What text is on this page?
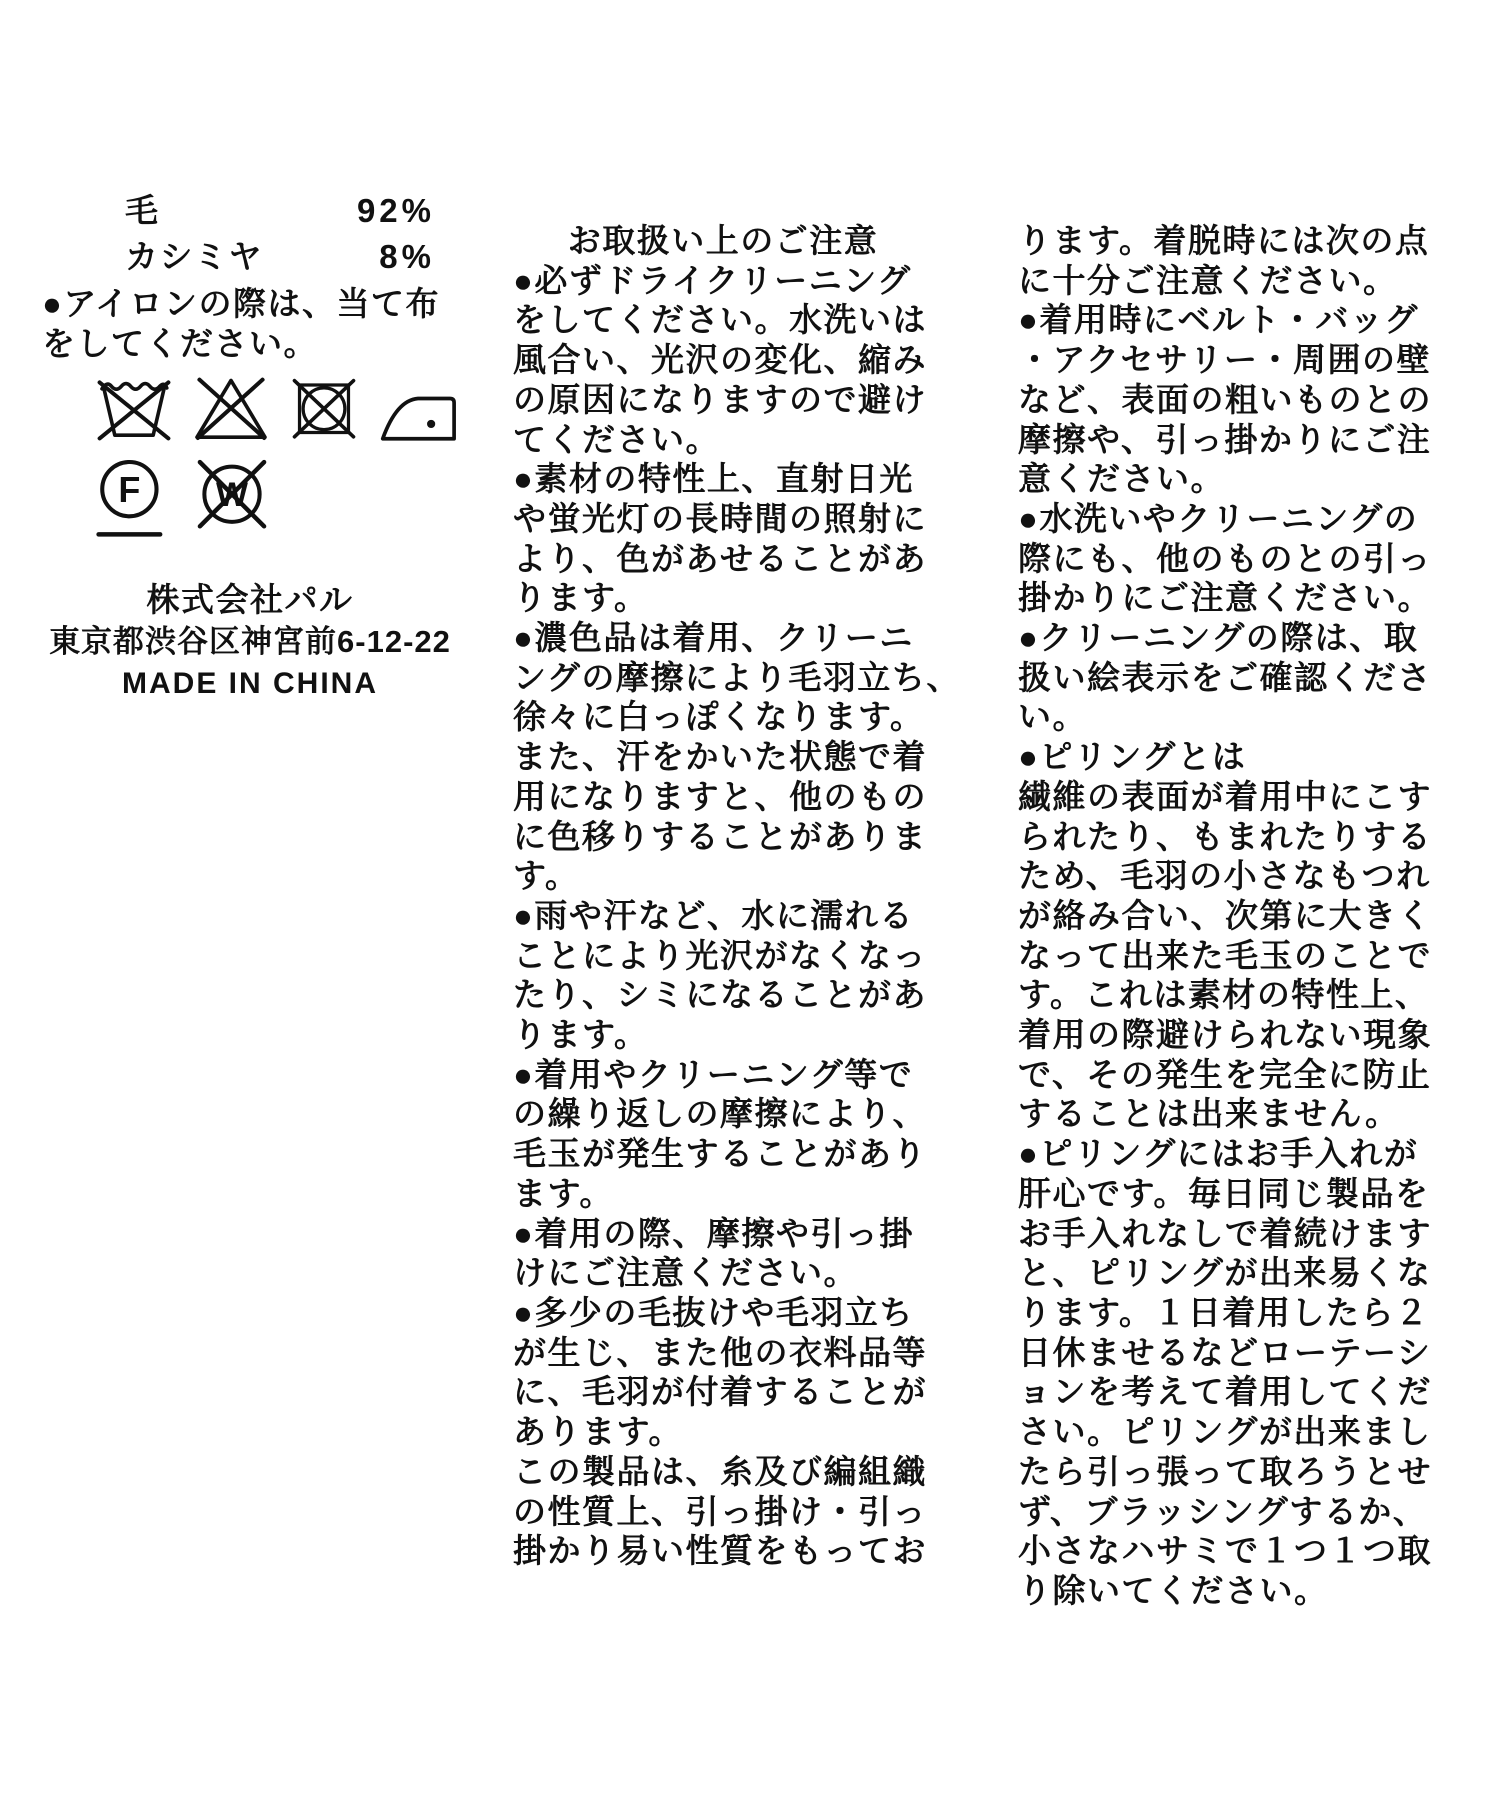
毛	92%
カシミヤ	8%
●アイロンの際は、当て布
をしてください。
F W
株式会社パル
東京都渋谷区神宮前6-12-22
MADE IN CHINA
お取扱い上のご注意
●必ずドライクリーニング
をしてください。水洗いは
風合い、光沢の変化、縮み
の原因になりますので避け
てください。
●素材の特性上、直射日光
や蛍光灯の長時間の照射に
より、色があせることがあ
ります。
●濃色品は着用、クリーニ
ングの摩擦により毛羽立ち、
徐々に白っぽくなります。
また、汗をかいた状態で着
用になりますと、他のもの
に色移りすることがありま
す。
●雨や汗など、水に濡れる
ことにより光沢がなくなっ
たり、シミになることがあ
ります。
●着用やクリーニング等で
の繰り返しの摩擦により、
毛玉が発生することがあり
ます。
●着用の際、摩擦や引っ掛
けにご注意ください。
●多少の毛抜けや毛羽立ち
が生じ、また他の衣料品等
に、毛羽が付着することが
あります。
この製品は、糸及び編組織
の性質上、引っ掛け・引っ
掛かり易い性質をもってお
ります。着脱時には次の点
に十分ご注意ください。
●着用時にベルト・バッグ
・アクセサリー・周囲の壁
など、表面の粗いものとの
摩擦や、引っ掛かりにご注
意ください。
●水洗いやクリーニングの
際にも、他のものとの引っ
掛かりにご注意ください。
●クリーニングの際は、取
扱い絵表示をご確認くださ
い。
●ピリングとは
繊維の表面が着用中にこす
られたり、もまれたりする
ため、毛羽の小さなもつれ
が絡み合い、次第に大きく
なって出来た毛玉のことで
す。これは素材の特性上、
着用の際避けられない現象
で、その発生を完全に防止
することは出来ません。
●ピリングにはお手入れが
肝心です。毎日同じ製品を
お手入れなしで着続けます
と、ピリングが出来易くな
ります。１日着用したら２
日休ませるなどローテーシ
ョンを考えて着用してくだ
さい。ピリングが出来まし
たら引っ張って取ろうとせ
ず、ブラッシングするか、
小さなハサミで１つ１つ取
り除いてください。
